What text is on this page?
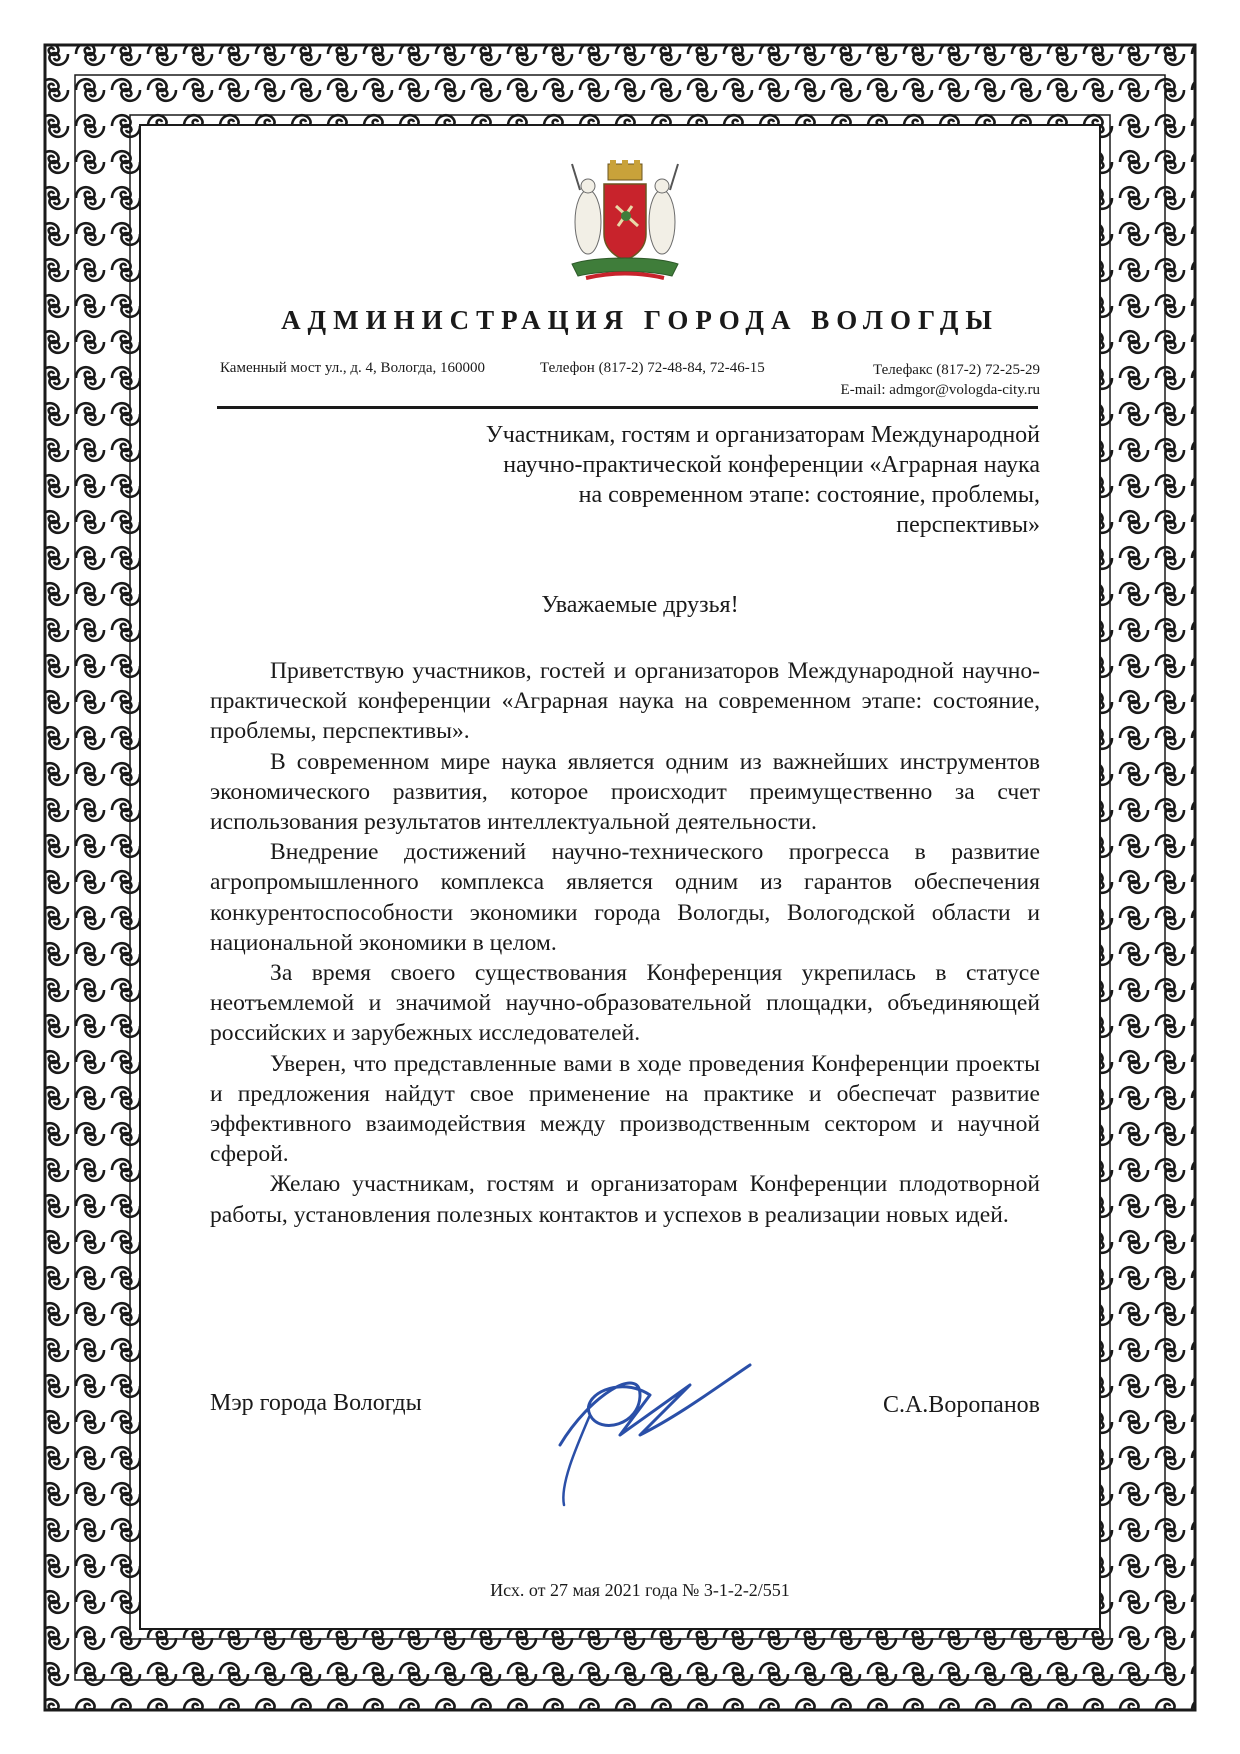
АДМИНИСТРАЦИЯ ГОРОДА ВОЛОГДЫ
Каменный мост ул., д. 4, Вологда, 160000	Телефон (817-2) 72-48-84, 72-46-15	Телефакс (817-2) 72-25-29
E-mail: admgor@vologda-city.ru
Участникам, гостям и организаторам Международной
научно-практической конференции «Аграрная наука
на современном этапе: состояние, проблемы,
перспективы»
Уважаемые друзья!

Приветствую участников, гостей и организаторов Международной научно-практической конференции «Аграрная наука на современном этапе: состояние, проблемы, перспективы».

В современном мире наука является одним из важнейших инструментов экономического развития, которое происходит преимущественно за счет использования результатов интеллектуальной деятельности.

Внедрение достижений научно-технического прогресса в развитие агропромышленного комплекса является одним из гарантов обеспечения конкурентоспособности экономики города Вологды, Вологодской области и национальной экономики в целом.

За время своего существования Конференция укрепилась в статусе неотъемлемой и значимой научно-образовательной площадки, объединяющей российских и зарубежных исследователей.

Уверен, что представленные вами в ходе проведения Конференции проекты и предложения найдут свое применение на практике и обеспечат развитие эффективного взаимодействия между производственным сектором и научной сферой.

Желаю участникам, гостям и организаторам Конференции плодотворной работы, установления полезных контактов и успехов в реализации новых идей.

Мэр города Вологды	С.А.Воропанов
Исх. от 27 мая 2021 года № 3-1-2-2/551
